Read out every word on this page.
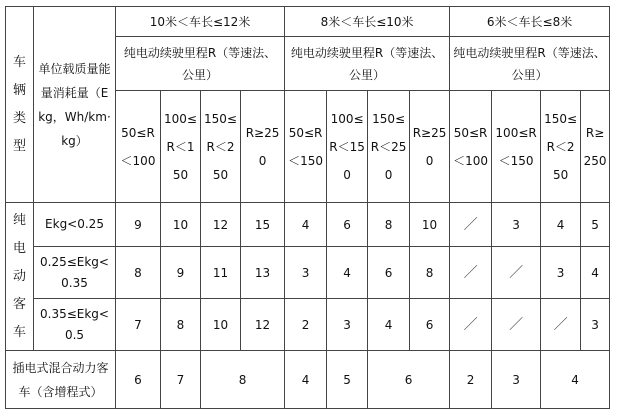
车辆类型	单位载质量能量消耗量（Ekg，Wh/km·kg）	10米＜车长≤12米				8米＜车长≤10米				6米＜车长≤8米			
		纯电动续驶里程R（等速法、公里）				纯电动续驶里程R（等速法、公里）				纯电动续驶里程R（等速法、公里）			
		50≤R＜100	100≤R＜150	150≤R＜250	R≥250	50≤R＜150	100≤R＜150	150≤R＜250	R≥250	50≤R＜100	100≤R＜150	150≤R＜250	R≥250
纯电动客车	Ekg<0.25	9	10	12	15	4	6	8	10	／	3	4	5
	0.25≤Ekg<0.35	8	9	11	13	3	4	6	8	／	／	3	4
	0.35≤Ekg<0.5	7	8	10	12	2	3	4	6	／	／	／	3
插电式混合动力客车（含增程式）		6	7	8		4	5	6		2	3	4	
